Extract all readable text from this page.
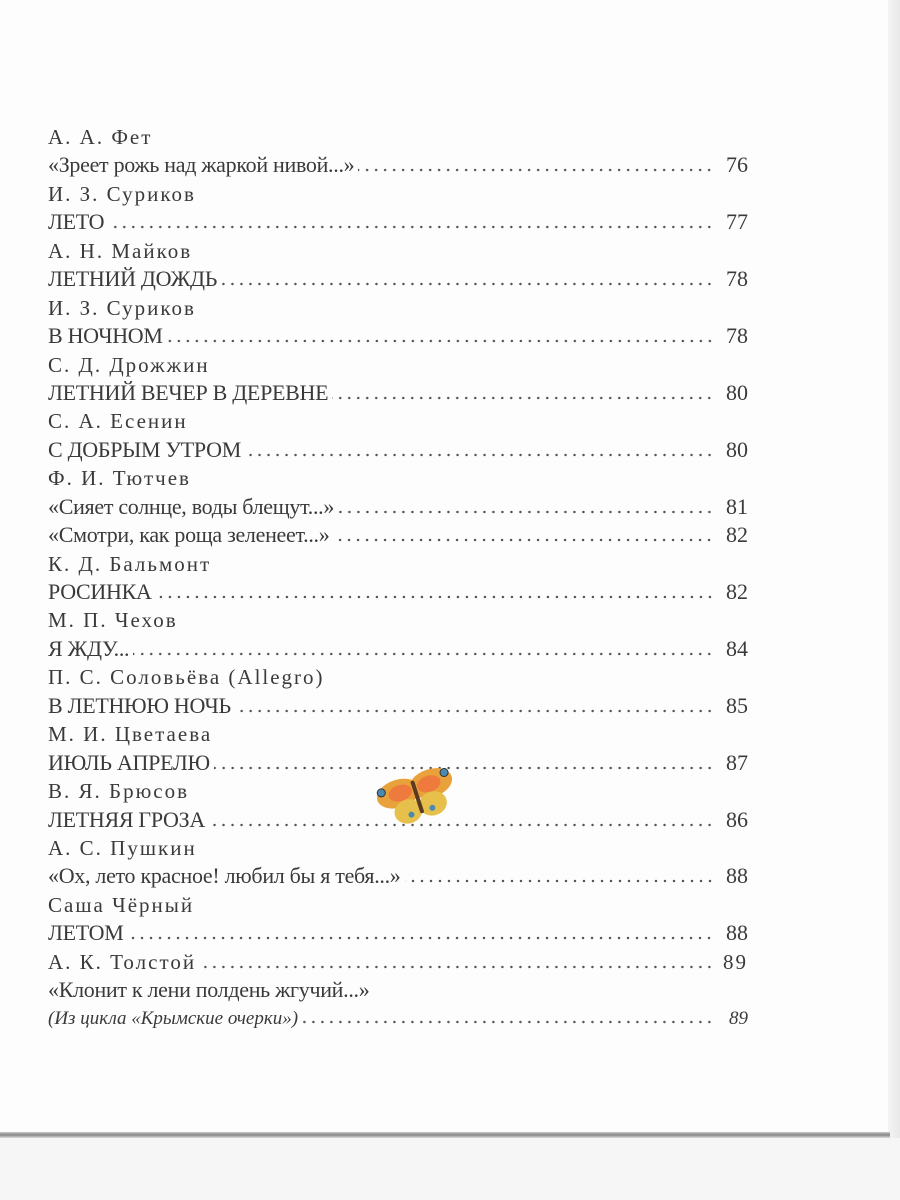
А. А. Фет
«Зреет рожь над жаркой нивой...»	76
И. З. Суриков
ЛЕТО	77
А. Н. Майков
ЛЕТНИЙ ДОЖДЬ	78
И. З. Суриков
В НОЧНОМ	78
С. Д. Дрожжин
ЛЕТНИЙ ВЕЧЕР В ДЕРЕВНЕ	80
С. А. Есенин
С ДОБРЫМ УТРОМ	80
Ф. И. Тютчев
«Сияет солнце, воды блещут...»	81
«Смотри, как роща зеленеет...»	82
К. Д. Бальмонт
РОСИНКА	82
М. П. Чехов
Я ЖДУ...	84
П. С. Соловьёва (Allegro)
В ЛЕТНЮЮ НОЧЬ	85
М. И. Цветаева
ИЮЛЬ АПРЕЛЮ	87
В. Я. Брюсов
ЛЕТНЯЯ ГРОЗА	86
А. С. Пушкин
«Ох, лето красное! любил бы я тебя...»	88
Саша Чёрный
ЛЕТОМ	88
А. К. Толстой	89
«Клонит к лени полдень жгучий...»
(Из цикла «Крымские очерки»)	89
